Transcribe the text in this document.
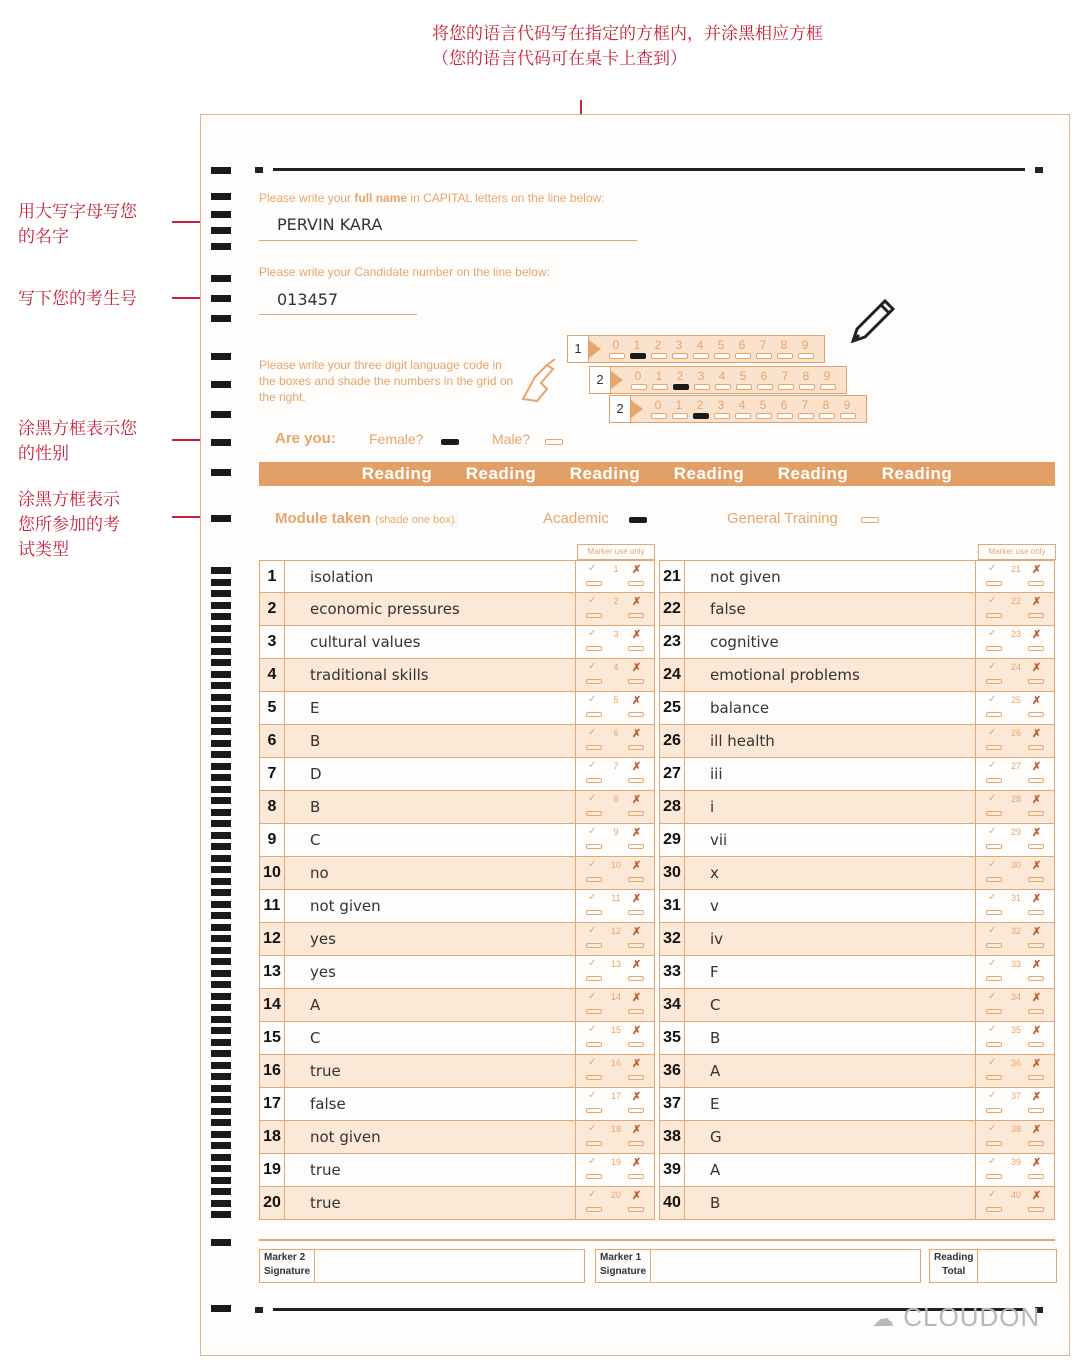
将您的语言代码写在指定的方框内，并涂黑相应方框
（您的语言代码可在桌卡上查到）
用大写字母写您
的名字
写下您的考生号
涂黑方框表示您
的性别
涂黑方框表示
您所参加的考
试类型
Please write your full name in CAPITAL letters on the line below:
PERVIN KARA
Please write your Candidate number on the line below:
013457
Please write your three digit language code in the boxes and shade the numbers in the grid on the right.
1	0	1	2	3	4	5	6	7	8	9
2	0	1	2	3	4	5	6	7	8	9
2	0	1	2	3	4	5	6	7	8	9
Are you: Female?	Male?
Reading Reading Reading Reading Reading Reading
Module taken (shade one box):	Academic	General Training
Marker use only	Marker use only
1	isolation	✓	1	✗
2	economic pressures	✓	2	✗
3	cultural values	✓	3	✗
4	traditional skills	✓	4	✗
5	E	✓	5	✗
6	B	✓	6	✗
7	D	✓	7	✗
8	B	✓	8	✗
9	C	✓	9	✗
10 no	✓	10 ✗
11	not given	✓	11	✗
12 yes	✓	12 ✗
13 yes	✓	13 ✗
14 A	✓	14 ✗
15 C	✓	15 ✗
16 true	✓	16 ✗
17 false	✓	17 ✗
18 not given	✓	18 ✗
19 true	✓	19 ✗
20 true	✓	20 ✗
21 not given	✓	21 ✗
22 false	✓	22 ✗
23 cognitive	✓	23 ✗
24 emotional problems	✓	24 ✗
25 balance	✓	25 ✗
26 ill health	✓	26 ✗
27 iii	✓	27 ✗
28 i	✓	28 ✗
29 vii	✓	29 ✗
30 x	✓	30 ✗
31 v	✓	31 ✗
32 iv	✓	32 ✗
33 F	✓	33 ✗
34 C	✓	34 ✗
35 B	✓	35 ✗
36 A	✓	36 ✗
37 E	✓	37 ✗
38 G	✓	38 ✗
39 A	✓	39 ✗
40 B	✓	40 ✗
Marker 2
Signature
Marker 1
Signature
Reading
Total
☁ CLOUDON
